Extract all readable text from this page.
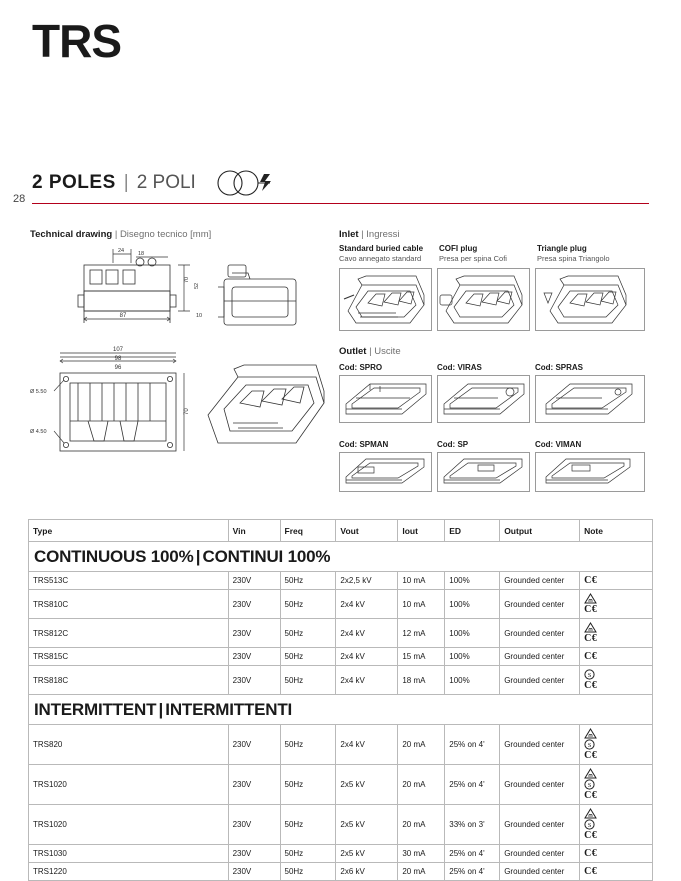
TRS
2 POLES | 2 POLI
28
Technical drawing | Disegno tecnico [mm]
87
24	18
70
52
10
107
98
96
70
Ø 5.50
Ø 4.50
Inlet | Ingressi
Standard buried cable
Cavo annegato standard
COFI plug
Presa per spina Cofi
Triangle plug
Presa spina Triangolo
Outlet | Uscite
Cod: SPRO	Cod: VIRAS	Cod: SPRAS
Cod: SPMAN	Cod: SP	Cod: VIMAN
Type	Vin	Freq	Vout	Iout	ED	Output	Note
CONTINUOUS 100% | CONTINUI 100%							
TRS513C	230V	50Hz	2x2,5 kV	10 mA	100%	Grounded center	C€
TRS810C	230V	50Hz	2x4 kV	10 mA	100%	Grounded center	C€
TRS812C	230V	50Hz	2x4 kV	12 mA	100%	Grounded center	C€
TRS815C	230V	50Hz	2x4 kV	15 mA	100%	Grounded center	C€
TRS818C	230V	50Hz	2x4 kV	18 mA	100%	Grounded center	S
C€
INTERMITTENT | INTERMITTENTI							
TRS820	230V	50Hz	2x4 kV	20 mA	25% on 4'	Grounded center	S
C€
TRS1020	230V	50Hz	2x5 kV	20 mA	25% on 4'	Grounded center	S
C€
TRS1020	230V	50Hz	2x5 kV	20 mA	33% on 3'	Grounded center	S
C€
TRS1030	230V	50Hz	2x5 kV	30 mA	25% on 4'	Grounded center	C€
TRS1220	230V	50Hz	2x6 kV	20 mA	25% on 4'	Grounded center	C€
